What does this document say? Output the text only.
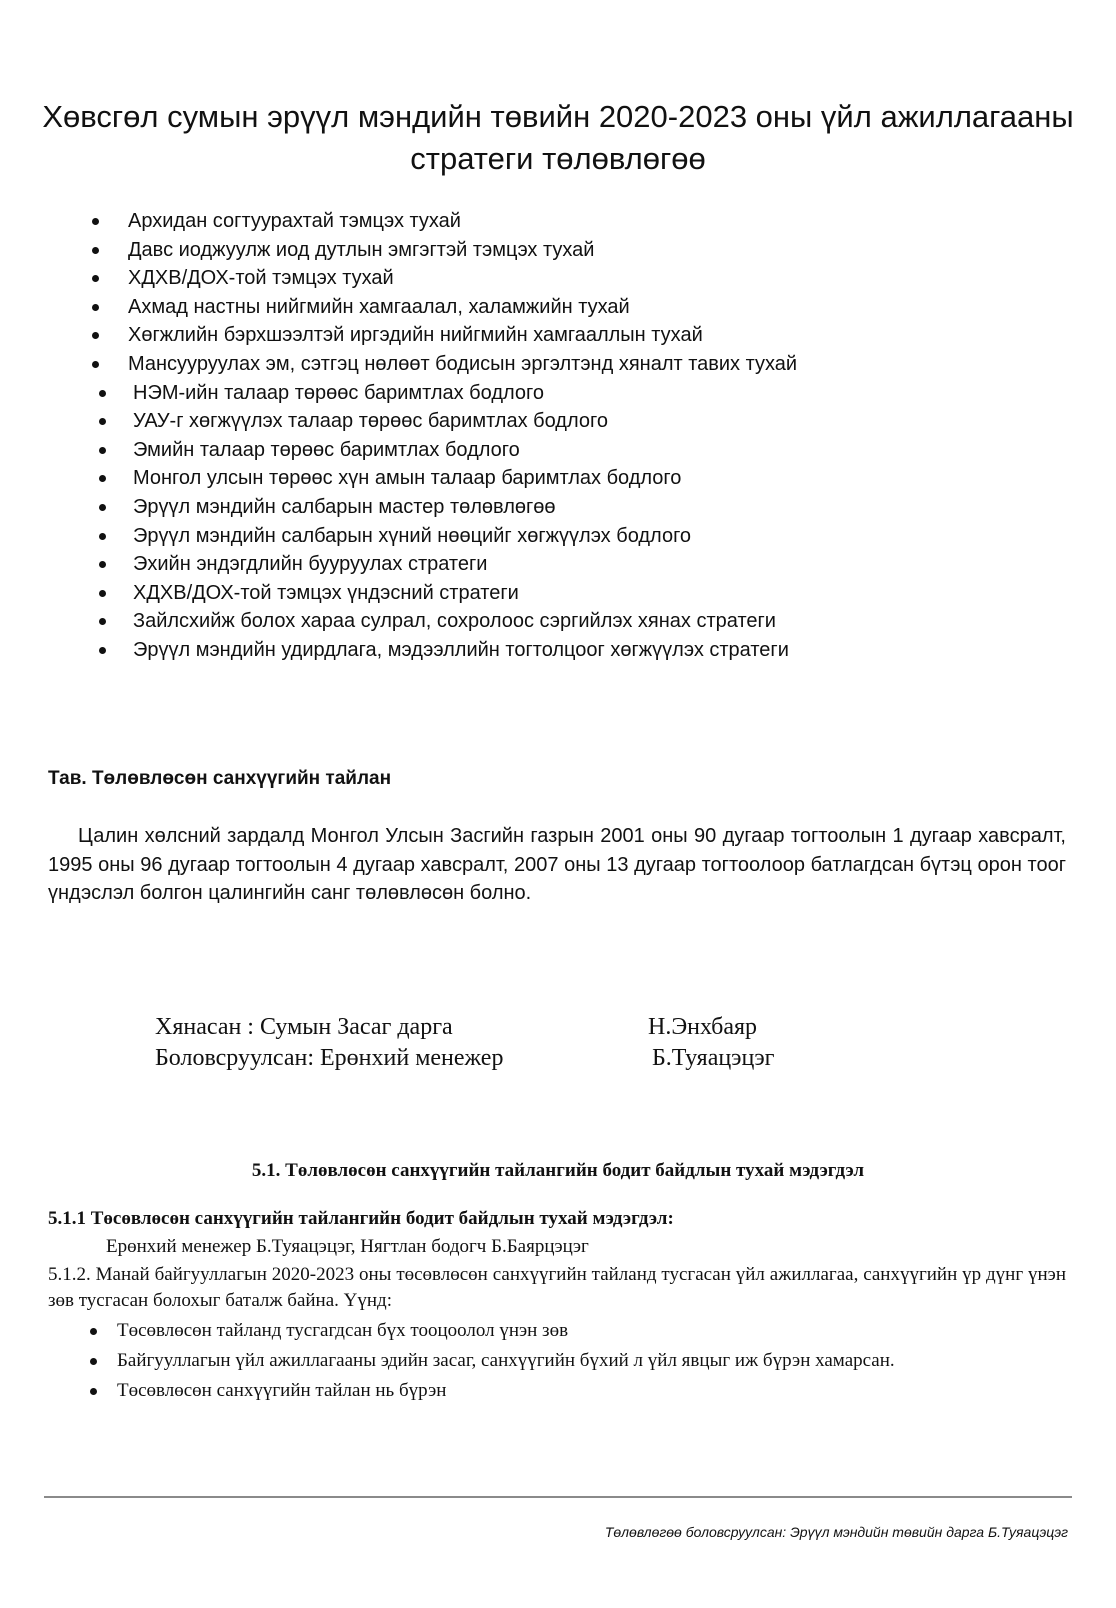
Хөвсгөл сумын эрүүл мэндийн төвийн 2020-2023 оны үйл ажиллагааны стратеги төлөвлөгөө
Архидан согтуурахтай тэмцэх тухай
Давс иоджуулж иод дутлын эмгэгтэй тэмцэх тухай
ХДХВ/ДОХ-той тэмцэх тухай
Ахмад настны нийгмийн хамгаалал, халамжийн тухай
Хөгжлийн бэрхшээлтэй иргэдийн нийгмийн хамгааллын тухай
Мансууруулах эм, сэтгэц нөлөөт бодисын эргэлтэнд хяналт тавих тухай
НЭМ-ийн талаар төрөөс баримтлах бодлого
УАУ-г хөгжүүлэх талаар төрөөс баримтлах бодлого
Эмийн талаар төрөөс баримтлах бодлого
Монгол улсын төрөөс хүн амын талаар баримтлах бодлого
Эрүүл мэндийн салбарын мастер төлөвлөгөө
Эрүүл мэндийн салбарын хүний нөөцийг хөгжүүлэх бодлого
Эхийн эндэгдлийн бууруулах стратеги
ХДХВ/ДОХ-той тэмцэх үндэсний стратеги
Зайлсхийж болох хараа сулрал, сохролоос сэргийлэх хянах стратеги
Эрүүл мэндийн удирдлага, мэдээллийн тогтолцоог хөгжүүлэх стратеги
Тав. Төлөвлөсөн санхүүгийн тайлан
Цалин хөлсний зардалд Монгол Улсын Засгийн газрын 2001 оны 90 дугаар тогтоолын 1 дугаар хавсралт, 1995 оны 96 дугаар тогтоолын 4 дугаар хавсралт, 2007 оны 13 дугаар тогтоолоор батлагдсан бүтэц орон тоог үндэслэл болгон цалингийн санг төлөвлөсөн болно.
Хянасан : Сумын Засаг дарга	Н.Энхбаяр
Боловсруулсан: Ерөнхий менежер	Б.Туяацэцэг
5.1. Төлөвлөсөн санхүүгийн тайлангийн бодит байдлын тухай мэдэгдэл
5.1.1 Төсөвлөсөн санхүүгийн тайлангийн бодит байдлын тухай мэдэгдэл:
Ерөнхий менежер Б.Туяацэцэг, Нягтлан бодогч Б.Баярцэцэг
5.1.2. Манай байгууллагын 2020-2023 оны төсөвлөсөн санхүүгийн тайланд тусгасан үйл ажиллагаа, санхүүгийн үр дүнг үнэн зөв тусгасан болохыг баталж байна. Үүнд:
Төсөвлөсөн тайланд тусгагдсан бүх тооцоолол үнэн зөв
Байгууллагын үйл ажиллагааны эдийн засаг, санхүүгийн бүхий л үйл явцыг иж бүрэн хамарсан.
Төсөвлөсөн санхүүгийн тайлан нь бүрэн
Төлөвлөгөө боловсруулсан: Эрүүл мэндийн төвийн дарга Б.Туяацэцэг
